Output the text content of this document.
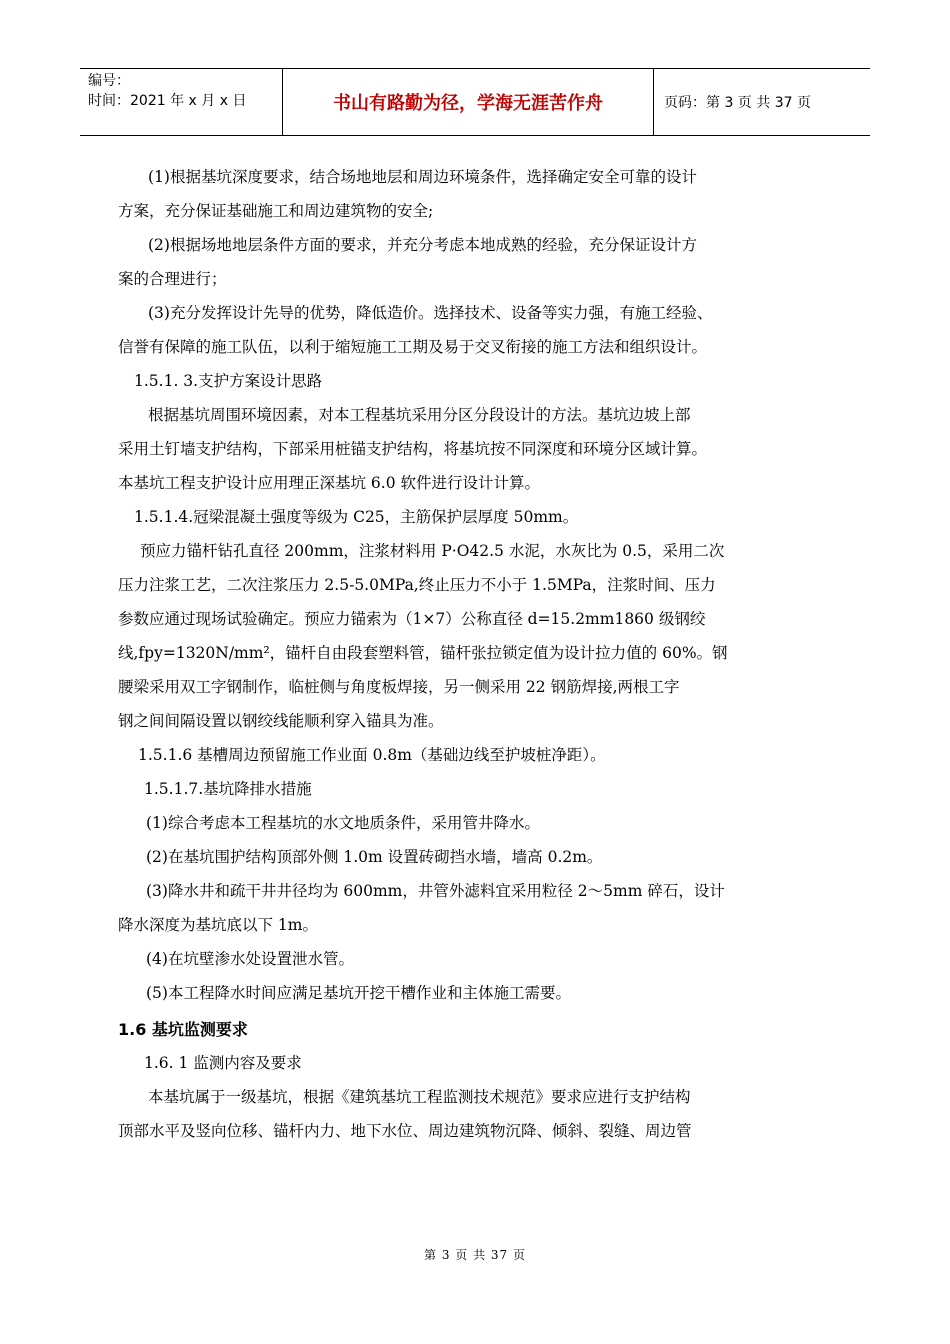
编号：
时间：2021 年 x 月 x 日	书山有路勤为径，学海无涯苦作舟	页码：第 3 页 共 37 页

(1)根据基坑深度要求，结合场地地层和周边环境条件，选择确定安全可靠的设计

方案，充分保证基础施工和周边建筑物的安全;

(2)根据场地地层条件方面的要求，并充分考虑本地成熟的经验，充分保证设计方

案的合理进行；

(3)充分发挥设计先导的优势，降低造价。选择技术、设备等实力强，有施工经验、

信誉有保障的施工队伍，以利于缩短施工工期及易于交叉衔接的施工方法和组织设计。

1.5.1. 3.支护方案设计思路

根据基坑周围环境因素，对本工程基坑采用分区分段设计的方法。基坑边坡上部

采用土钉墙支护结构，下部采用桩锚支护结构，将基坑按不同深度和环境分区域计算。

本基坑工程支护设计应用理正深基坑 6.0 软件进行设计计算。

1.5.1.4.冠梁混凝土强度等级为 C25，主筋保护层厚度 50mm。

预应力锚杆钻孔直径 200mm，注浆材料用 P·O42.5 水泥，水灰比为 0.5，采用二次

压力注浆工艺，二次注浆压力 2.5-5.0MPa,终止压力不小于 1.5MPa，注浆时间、压力

参数应通过现场试验确定。预应力锚索为（1×7）公称直径 d=15.2mm1860 级钢绞

线,fpy=1320N/mm²，锚杆自由段套塑料管，锚杆张拉锁定值为设计拉力值的 60%。钢

腰梁采用双工字钢制作，临桩侧与角度板焊接，另一侧采用 22 钢筋焊接,两根工字

钢之间间隔设置以钢绞线能顺利穿入锚具为准。

1.5.1.6 基槽周边预留施工作业面 0.8m（基础边线至护坡桩净距）。

1.5.1.7.基坑降排水措施

(1)综合考虑本工程基坑的水文地质条件，采用管井降水。

(2)在基坑围护结构顶部外侧 1.0m 设置砖砌挡水墙，墙高 0.2m。

(3)降水井和疏干井井径均为 600mm，井管外滤料宜采用粒径 2～5mm 碎石，设计

降水深度为基坑底以下 1m。

(4)在坑壁渗水处设置泄水管。

(5)本工程降水时间应满足基坑开挖干槽作业和主体施工需要。

1.6 基坑监测要求

1.6. 1 监测内容及要求

本基坑属于一级基坑，根据《建筑基坑工程监测技术规范》要求应进行支护结构

顶部水平及竖向位移、锚杆内力、地下水位、周边建筑物沉降、倾斜、裂缝、周边管

第 3 页 共 37 页
